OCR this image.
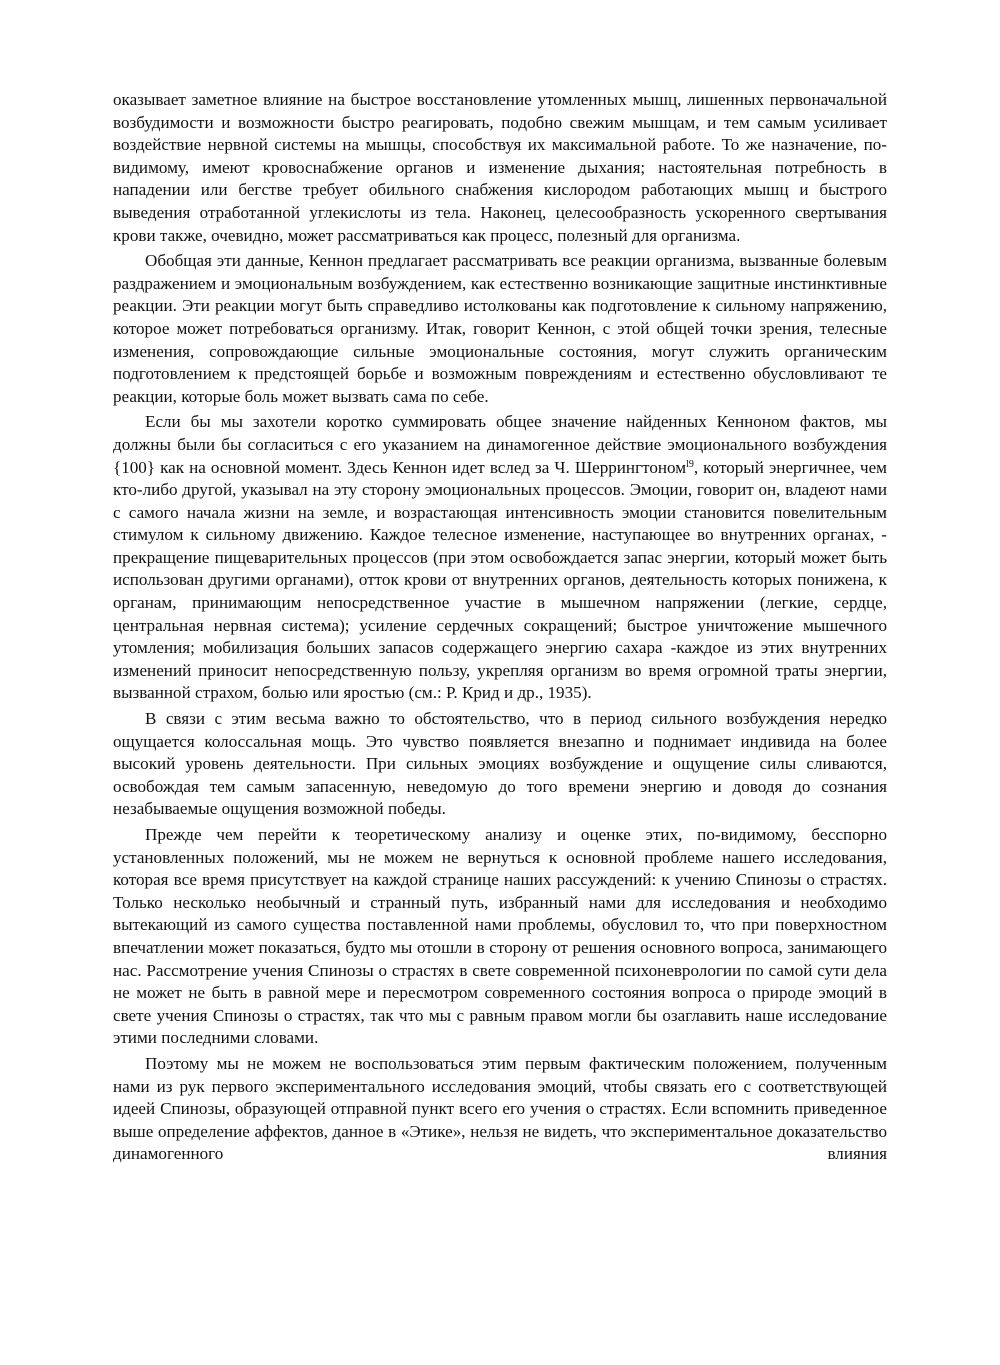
оказывает заметное влияние на быстрое восстановление утомленных мышц, лишенных первоначальной возбудимости и возможности быстро реагировать, подобно свежим мышцам, и тем самым усиливает воздействие нервной системы на мышцы, способствуя их максимальной работе. То же назначение, по-видимому, имеют кровоснабжение органов и изменение дыхания; настоятельная потребность в нападении или бегстве требует обильного снабжения кислородом работающих мышц и быстрого выведения отработанной углекислоты из тела. Наконец, целесообразность ускоренного свертывания крови также, очевидно, может рассматриваться как процесс, полезный для организма.

Обобщая эти данные, Кеннон предлагает рассматривать все реакции организма, вызванные болевым раздражением и эмоциональным возбуждением, как естественно возникающие защитные инстинктивные реакции. Эти реакции могут быть справедливо истолкованы как подготовление к сильному напряжению, которое может потребоваться организму. Итак, говорит Кеннон, с этой общей точки зрения, телесные изменения, сопровождающие сильные эмоциональные состояния, могут служить органическим подготовлением к предстоящей борьбе и возможным повреждениям и естественно обусловливают те реакции, которые боль может вызвать сама по себе.

Если бы мы захотели коротко суммировать общее значение найденных Кенноном фактов, мы должны были бы согласиться с его указанием на динамогенное действие эмоционального возбуждения {100} как на основной момент. Здесь Кеннон идет вслед за Ч. Шеррингтоном$^{l9}$, который энергичнее, чем кто-либо другой, указывал на эту сторону эмоциональных процессов. Эмоции, говорит он, владеют нами с самого начала жизни на земле, и возрастающая интенсивность эмоции становится повелительным стимулом к сильному движению. Каждое телесное изменение, наступающее во внутренних органах, - прекращение пищеварительных процессов (при этом освобождается запас энергии, который может быть использован другими органами), отток крови от внутренних органов, деятельность которых понижена, к органам, принимающим непосредственное участие в мышечном напряжении (легкие, сердце, центральная нервная система); усиление сердечных сокращений; быстрое уничтожение мышечного утомления; мобилизация больших запасов содержащего энергию сахара -каждое из этих внутренних изменений приносит непосредственную пользу, укрепляя организм во время огромной траты энергии, вызванной страхом, болью или яростью (см.: Р. Крид и др., 1935).

В связи с этим весьма важно то обстоятельство, что в период сильного возбуждения нередко ощущается колоссальная мощь. Это чувство появляется внезапно и поднимает индивида на более высокий уровень деятельности. При сильных эмоциях возбуждение и ощущение силы сливаются, освобождая тем самым запасенную, неведомую до того времени энергию и доводя до сознания незабываемые ощущения возможной победы.

Прежде чем перейти к теоретическому анализу и оценке этих, по-видимому, бесспорно установленных положений, мы не можем не вернуться к основной проблеме нашего исследования, которая все время присутствует на каждой странице наших рассуждений: к учению Спинозы о страстях. Только несколько необычный и странный путь, избранный нами для исследования и необходимо вытекающий из самого существа поставленной нами проблемы, обусловил то, что при поверхностном впечатлении может показаться, будто мы отошли в сторону от решения основного вопроса, занимающего нас. Рассмотрение учения Спинозы о страстях в свете современной психоневрологии по самой сути дела не может не быть в равной мере и пересмотром современного состояния вопроса о природе эмоций в свете учения Спинозы о страстях, так что мы с равным правом могли бы озаглавить наше исследование этими последними словами.

Поэтому мы не можем не воспользоваться этим первым фактическим положением, полученным нами из рук первого экспериментального исследования эмоций, чтобы связать его с соответствующей идеей Спинозы, образующей отправной пункт всего его учения о страстях. Если вспомнить приведенное выше определение аффектов, данное в «Этике», нельзя не видеть, что экспериментальное доказательство динамогенного влияния
